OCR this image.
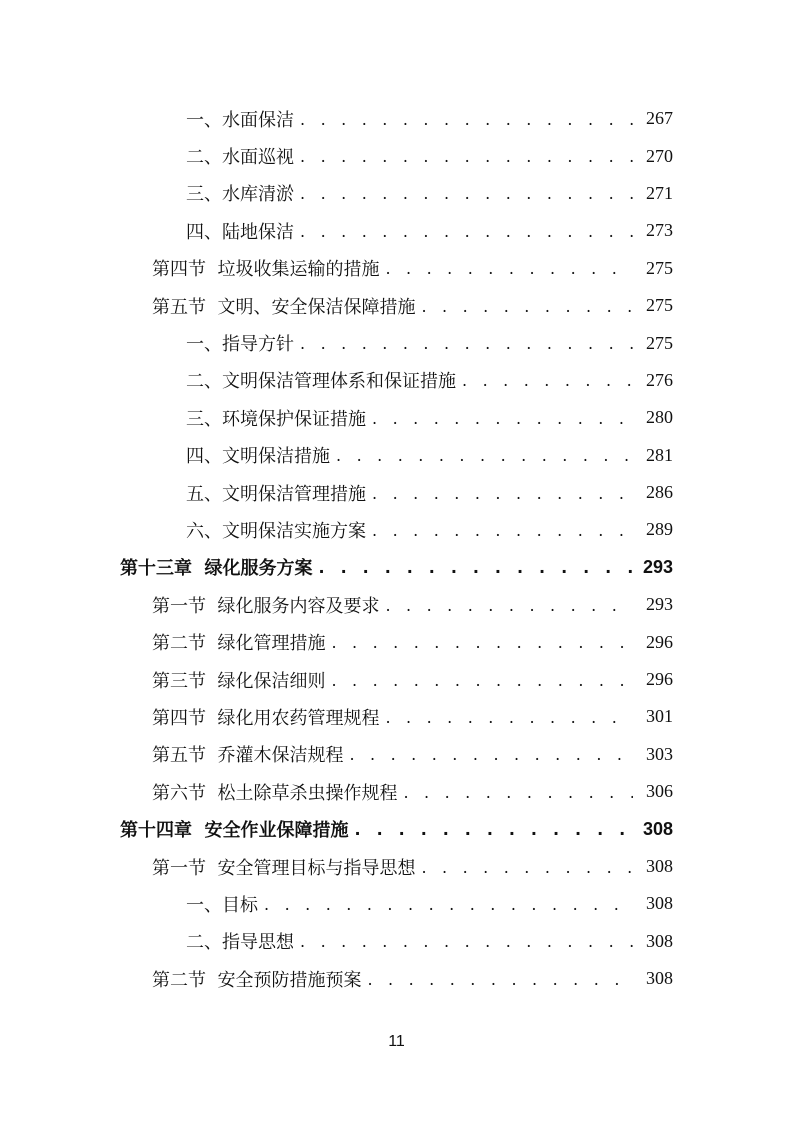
一、水面保洁 . . .	267
二、水面巡视 . . .	270
三、水库清淤 . . .	271
四、陆地保洁 . . .	273
第四节  垃圾收集运输的措施 . . .	275
第五节  文明、安全保洁保障措施 . . .	275
一、指导方针 . . .	275
二、文明保洁管理体系和保证措施 . . .	276
三、环境保护保证措施 . . .	280
四、文明保洁措施 . . .	281
五、文明保洁管理措施 . . .	286
六、文明保洁实施方案 . . .	289
第十三章  绿化服务方案 . . .	293
第一节  绿化服务内容及要求 . . .	293
第二节  绿化管理措施 . . .	296
第三节  绿化保洁细则 . . .	296
第四节  绿化用农药管理规程 . . .	301
第五节  乔灌木保洁规程 . . .	303
第六节  松土除草杀虫操作规程 . . .	306
第十四章  安全作业保障措施 . . .	308
第一节  安全管理目标与指导思想 . . .	308
一、目标 . . .	308
二、指导思想 . . .	308
第二节  安全预防措施预案 . . .	308
11
